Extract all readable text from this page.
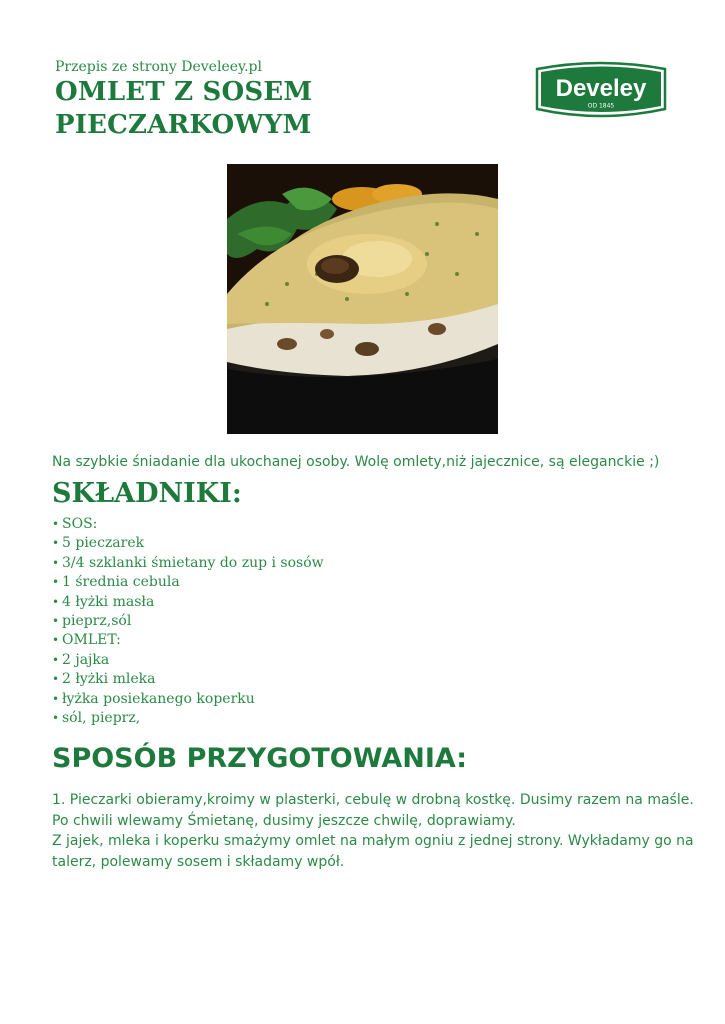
Przepis ze strony Develeey.pl
OMLET Z SOSEM
PIECZARKOWYM
Develey
OD 1845
Na szybkie śniadanie dla ukochanej osoby. Wolę omlety,niż jajecznice, są eleganckie ;)
SKŁADNIKI:
• SOS:
• 5 pieczarek
• 3/4 szklanki śmietany do zup i sosów
• 1 średnia cebula
• 4 łyżki masła
• pieprz,sól
• OMLET:
• 2 jajka
• 2 łyżki mleka
• łyżka posiekanego koperku
• sól, pieprz,
SPOSÓB PRZYGOTOWANIA:
1. Pieczarki obieramy,kroimy w plasterki, cebulę w drobną kostkę. Dusimy razem na maśle.
Po chwili wlewamy Śmietanę, dusimy jeszcze chwilę, doprawiamy.
Z jajek, mleka i koperku smażymy omlet na małym ogniu z jednej strony. Wykładamy go na
talerz, polewamy sosem i składamy wpół.
